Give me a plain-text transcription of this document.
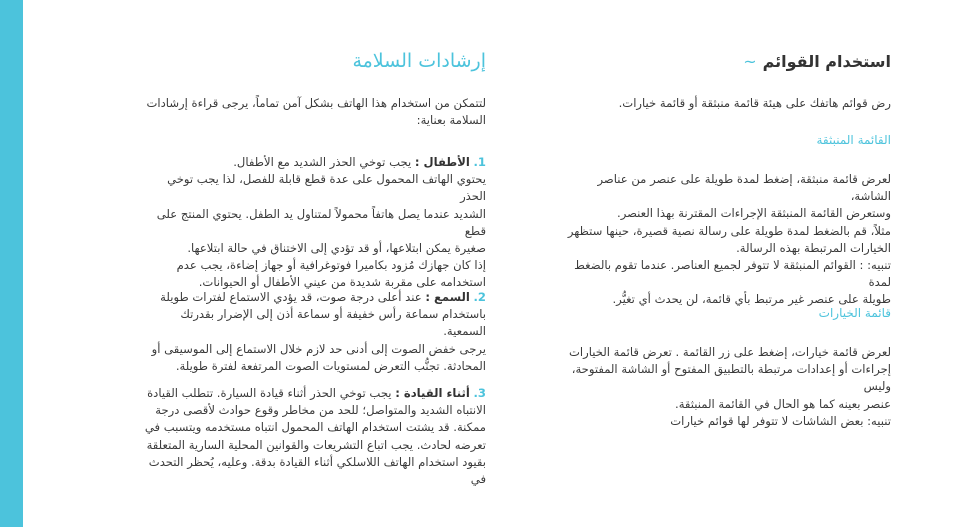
استخدام القوائم~

رض قوائم هاتفك على هيئة قائمة منبثقة أو قائمة خيارات.

القائمة المنبثقة

لعرض قائمة منبثقة، إضغط لمدة طويلة على عنصر من عناصر الشاشة،

وستعرض القائمة المنبثقة الإجراءات المقترنة بهذا العنصر.

مثلاً، قم بالضغط لمدة طويلة على رسالة نصية قصيرة، حينها ستظهر

الخيارات المرتبطة بهذه الرسالة.

تنبيه: : القوائم المنبثقة لا تتوفر لجميع العناصر. عندما تقوم بالضغط لمدة

طويلة على عنصر غير مرتبط بأي قائمة، لن يحدث أي تغيُّر.

قائمة الخيارات

لعرض قائمة خيارات، إضغط على زر القائمة . تعرض قائمة الخيارات

إجراءات أو إعدادات مرتبطة بالتطبيق المفتوح أو الشاشة المفتوحة، وليس

عنصر بعينه كما هو الحال في القائمة المنبثقة.

تنبيه: بعض الشاشات لا تتوفر لها قوائم خيارات

إرشادات السلامة

لتتمكن من استخدام هذا الهاتف بشكل آمن تماماً، يرجى قراءة إرشادات

السلامة بعناية:

1. الأطفال : يجب توخي الحذر الشديد مع الأطفال.

يحتوي الهاتف المحمول على عدة قطع قابلة للفصل، لذا يجب توخي الحذر

الشديد عندما يصل هاتفاً محمولاً لمتناول يد الطفل. يحتوي المنتج على قطع

صغيرة يمكن ابتلاعها، أو قد تؤدي إلى الاختناق في حالة ابتلاعها.

إذا كان جهازك مُزود بكاميرا فوتوغرافية أو جهاز إضاءة، يجب عدم

استخدامه على مقربة شديدة من عيني الأطفال أو الحيوانات.

2. السمع : عند أعلى درجة صوت، قد يؤدي الاستماع لفترات طويلة

باستخدام سماعة رأس خفيفة أو سماعة أذن إلى الإضرار بقدرتك السمعية.

يرجى خفض الصوت إلى أدنى حد لازم خلال الاستماع إلى الموسيقى أو

المحادثة. تجنُّب التعرض لمستويات الصوت المرتفعة لفترة طويلة.

3. أثناء القيادة : يجب توخي الحذر أثناء قيادة السيارة. تتطلب القيادة

الانتباه الشديد والمتواصل؛ للحد من مخاطر وقوع حوادث لأقصى درجة

ممكنة. قد يشتت استخدام الهاتف المحمول انتباه مستخدمه ويتسبب في

تعرضه لحادث. يجب اتباع التشريعات والقوانين المحلية السارية المتعلقة

بقيود استخدام الهاتف اللاسلكي أثناء القيادة بدقة. وعليه، يُحظر التحدث في
